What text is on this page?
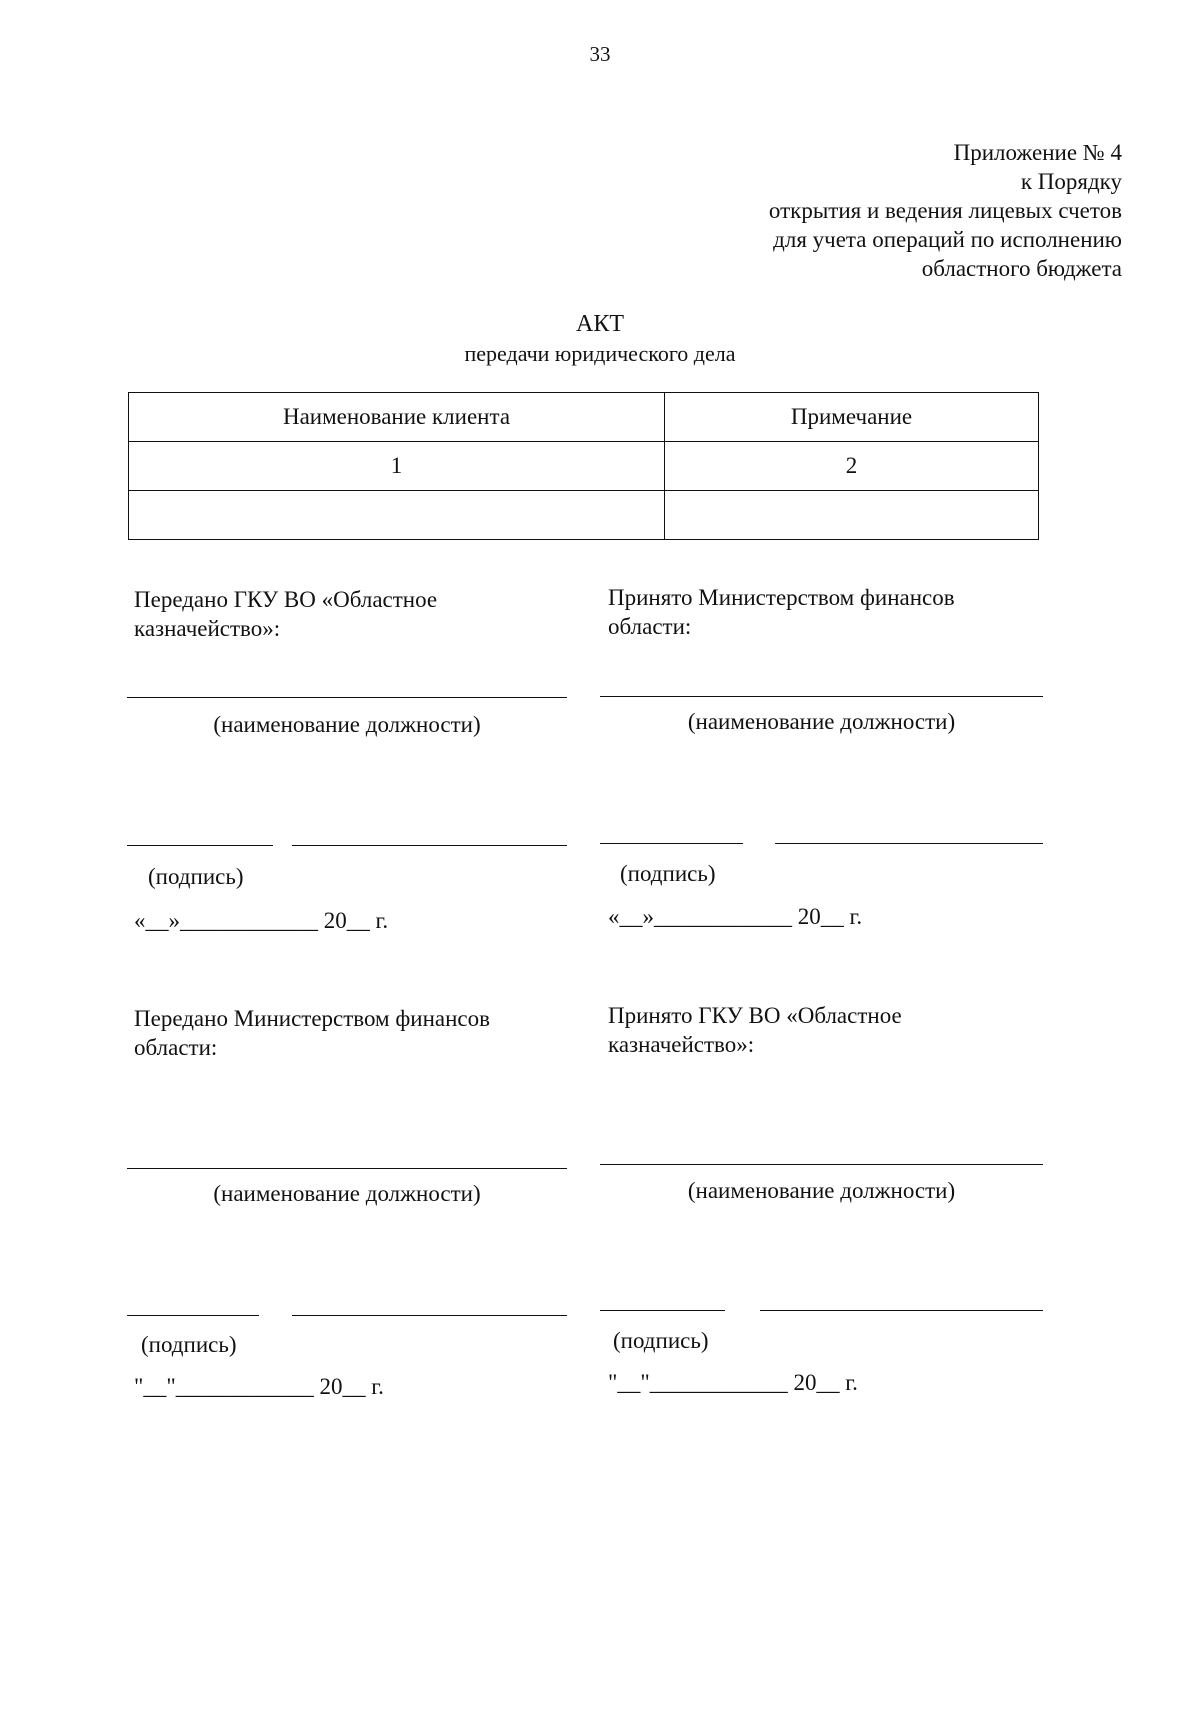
33
Приложение № 4
к Порядку
открытия и ведения лицевых счетов
для учета операций по исполнению
областного бюджета
АКТ
передачи юридического дела
Наименование клиента	Примечание
1	2

Передано ГКУ ВО «Областное
казначейство»:
(наименование должности)
(подпись)
«__»____________ 20__ г.
Принято Министерством финансов
области:
(наименование должности)
(подпись)
«__»____________ 20__ г.
Передано Министерством финансов
области:
(наименование должности)
(подпись)
"__"____________ 20__ г.
Принято ГКУ ВО «Областное
казначейство»:
(наименование должности)
(подпись)
"__"____________ 20__ г.
